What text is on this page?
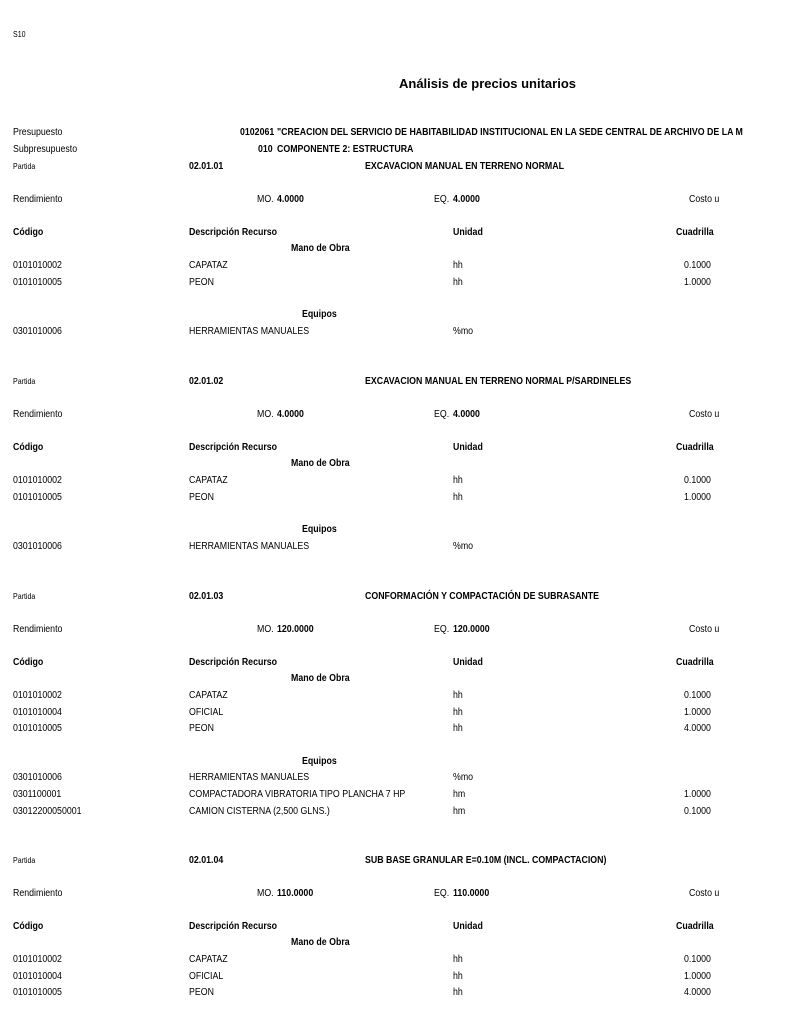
S10
Análisis de precios unitarios
Presupuesto	0102061 "CREACION DEL SERVICIO DE HABITABILIDAD INSTITUCIONAL EN LA SEDE CENTRAL DE ARCHIVO DE LA M
Subpresupuesto	010 COMPONENTE 2: ESTRUCTURA
Partida	02.01.01	EXCAVACION MANUAL EN TERRENO NORMAL
Rendimiento	MO. 4.0000	EQ. 4.0000	Costo u
Código	Descripción Recurso	Unidad	Cuadrilla
Mano de Obra
0101010002	CAPATAZ	hh	0.1000
0101010005	PEON	hh	1.0000
Equipos
0301010006	HERRAMIENTAS MANUALES	%mo
Partida	02.01.02	EXCAVACION MANUAL EN TERRENO NORMAL P/SARDINELES
Rendimiento	MO. 4.0000	EQ. 4.0000	Costo u
Código	Descripción Recurso	Unidad	Cuadrilla
Mano de Obra
0101010002	CAPATAZ	hh	0.1000
0101010005	PEON	hh	1.0000
Equipos
0301010006	HERRAMIENTAS MANUALES	%mo
Partida	02.01.03	CONFORMACIÓN Y COMPACTACIÓN DE SUBRASANTE
Rendimiento	MO. 120.0000	EQ. 120.0000	Costo u
Código	Descripción Recurso	Unidad	Cuadrilla
Mano de Obra
0101010002	CAPATAZ	hh	0.1000
0101010004	OFICIAL	hh	1.0000
0101010005	PEON	hh	4.0000
Equipos
0301010006	HERRAMIENTAS MANUALES	%mo
0301100001	COMPACTADORA VIBRATORIA TIPO PLANCHA 7 HP	hm	1.0000
03012200050001	CAMION CISTERNA (2,500 GLNS.)	hm	0.1000
Partida	02.01.04	SUB BASE GRANULAR E=0.10M (INCL. COMPACTACION)
Rendimiento	MO. 110.0000	EQ. 110.0000	Costo u
Código	Descripción Recurso	Unidad	Cuadrilla
Mano de Obra
0101010002	CAPATAZ	hh	0.1000
0101010004	OFICIAL	hh	1.0000
0101010005	PEON	hh	4.0000
